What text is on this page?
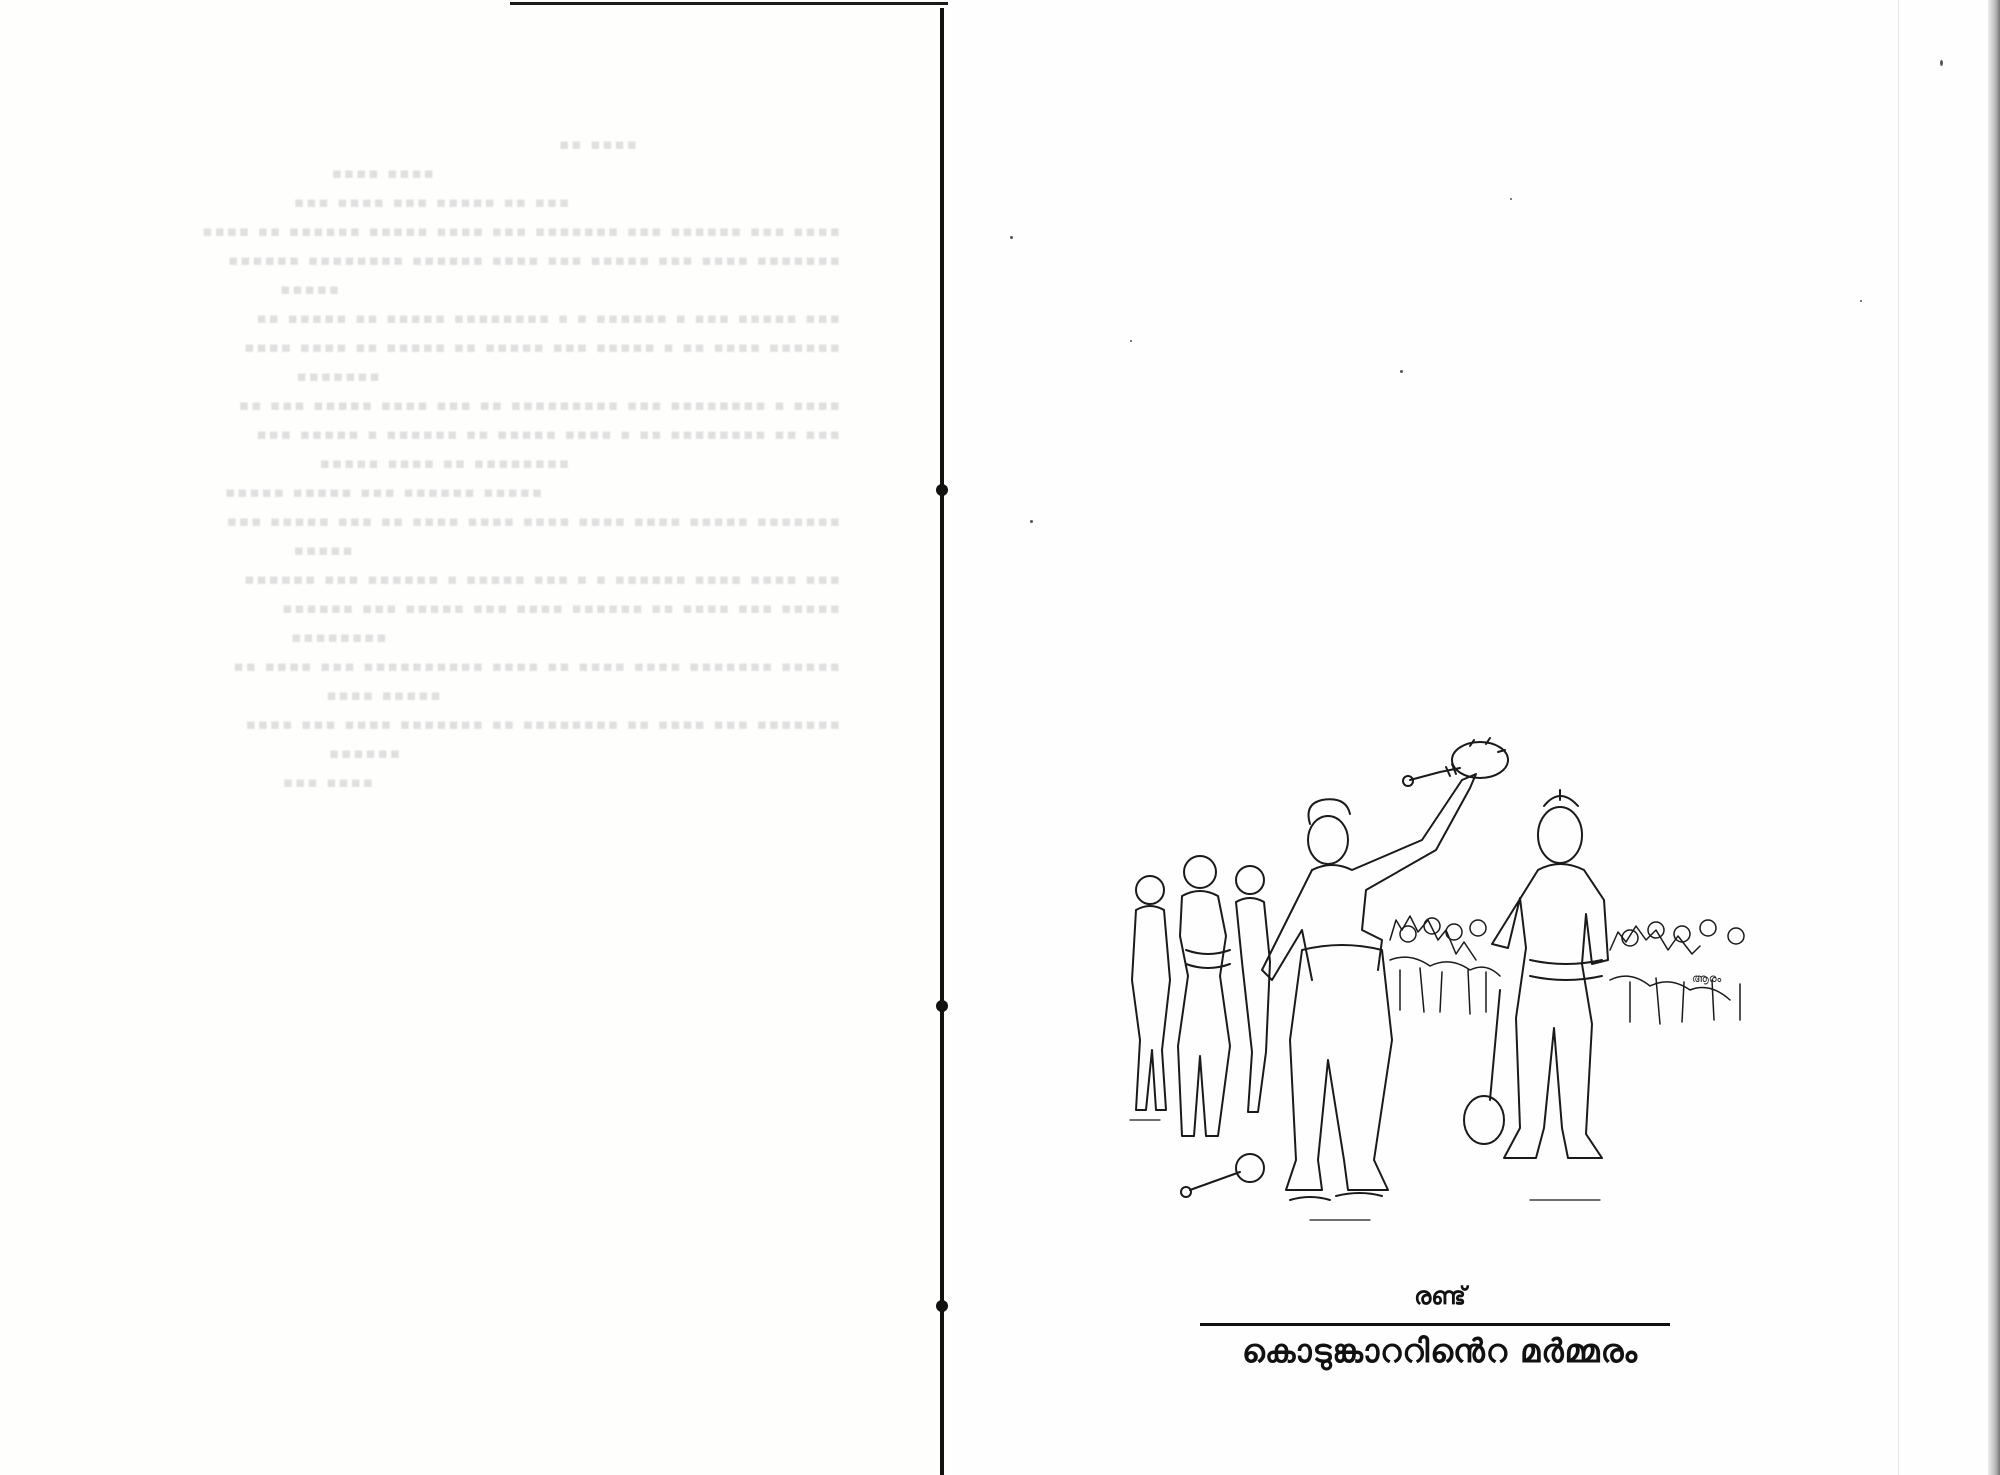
▪▪▪▪ ▪▪
▪▪▪▪ ▪▪▪▪
▪▪▪ ▪▪ ▪▪▪▪▪ ▪▪▪ ▪▪▪▪ ▪▪▪
▪▪▪▪ ▪▪▪ ▪▪▪▪▪▪ ▪▪▪ ▪▪▪▪▪▪▪ ▪▪▪ ▪▪▪▪ ▪▪▪▪▪ ▪▪▪▪▪▪ ▪▪ ▪▪▪▪
▪▪▪▪▪▪▪ ▪▪▪▪ ▪▪▪ ▪▪▪▪▪ ▪▪▪ ▪▪▪▪ ▪▪▪▪▪▪ ▪▪▪▪▪▪▪▪ ▪▪▪▪▪▪
▪▪▪▪▪
▪▪▪ ▪▪▪▪▪ ▪▪▪ ▪ ▪▪▪▪▪▪ ▪ ▪ ▪▪▪▪▪▪▪▪ ▪▪▪▪▪ ▪▪ ▪▪▪▪▪ ▪▪
▪▪▪▪▪▪ ▪▪▪▪ ▪▪ ▪ ▪▪▪▪▪ ▪▪▪ ▪▪▪▪▪ ▪▪ ▪▪▪▪▪ ▪▪ ▪▪▪▪ ▪▪▪▪
▪▪▪▪▪▪▪
▪▪▪▪ ▪ ▪▪▪▪▪▪▪▪ ▪▪▪ ▪▪▪▪▪▪▪▪▪ ▪▪ ▪▪▪ ▪▪▪▪ ▪▪▪▪▪ ▪▪▪ ▪▪
▪▪▪ ▪▪ ▪▪▪▪▪▪▪▪ ▪▪ ▪ ▪▪▪▪ ▪▪▪▪▪ ▪▪ ▪▪▪▪▪▪ ▪ ▪▪▪▪▪ ▪▪▪
▪▪▪▪▪▪▪▪ ▪▪ ▪▪▪▪ ▪▪▪▪▪
▪▪▪▪▪ ▪▪▪▪▪▪ ▪▪▪ ▪▪▪▪▪ ▪▪▪▪▪
▪▪▪▪▪▪▪ ▪▪▪▪▪ ▪▪▪▪ ▪▪▪▪ ▪▪▪▪ ▪▪▪▪ ▪▪▪▪ ▪▪ ▪▪▪ ▪▪▪▪▪ ▪▪▪
▪▪▪▪▪
▪▪▪ ▪▪▪▪ ▪▪▪▪ ▪▪▪▪▪▪ ▪ ▪ ▪▪▪ ▪▪▪▪▪ ▪ ▪▪▪▪▪▪ ▪▪▪ ▪▪▪▪▪▪
▪▪▪▪▪ ▪▪▪ ▪▪▪▪ ▪▪ ▪▪▪▪▪▪ ▪▪▪▪ ▪▪▪ ▪▪▪▪▪ ▪▪▪ ▪▪▪▪▪▪
▪▪▪▪▪▪▪▪
▪▪▪▪▪ ▪▪▪▪▪▪▪ ▪▪▪▪ ▪▪▪▪ ▪▪ ▪▪▪▪ ▪▪▪▪▪▪▪▪▪▪ ▪▪▪ ▪▪▪▪ ▪▪
▪▪▪▪▪ ▪▪▪▪
▪▪▪▪▪▪▪ ▪▪▪ ▪▪▪▪ ▪▪ ▪▪▪▪▪▪▪▪ ▪▪ ▪▪▪▪▪▪▪ ▪▪▪▪ ▪▪▪ ▪▪▪▪
▪▪▪▪▪▪
▪▪▪▪ ▪▪▪
ആരം
രണ്ട്
കൊടുങ്കാററിൻെറ മർമ്മരം
